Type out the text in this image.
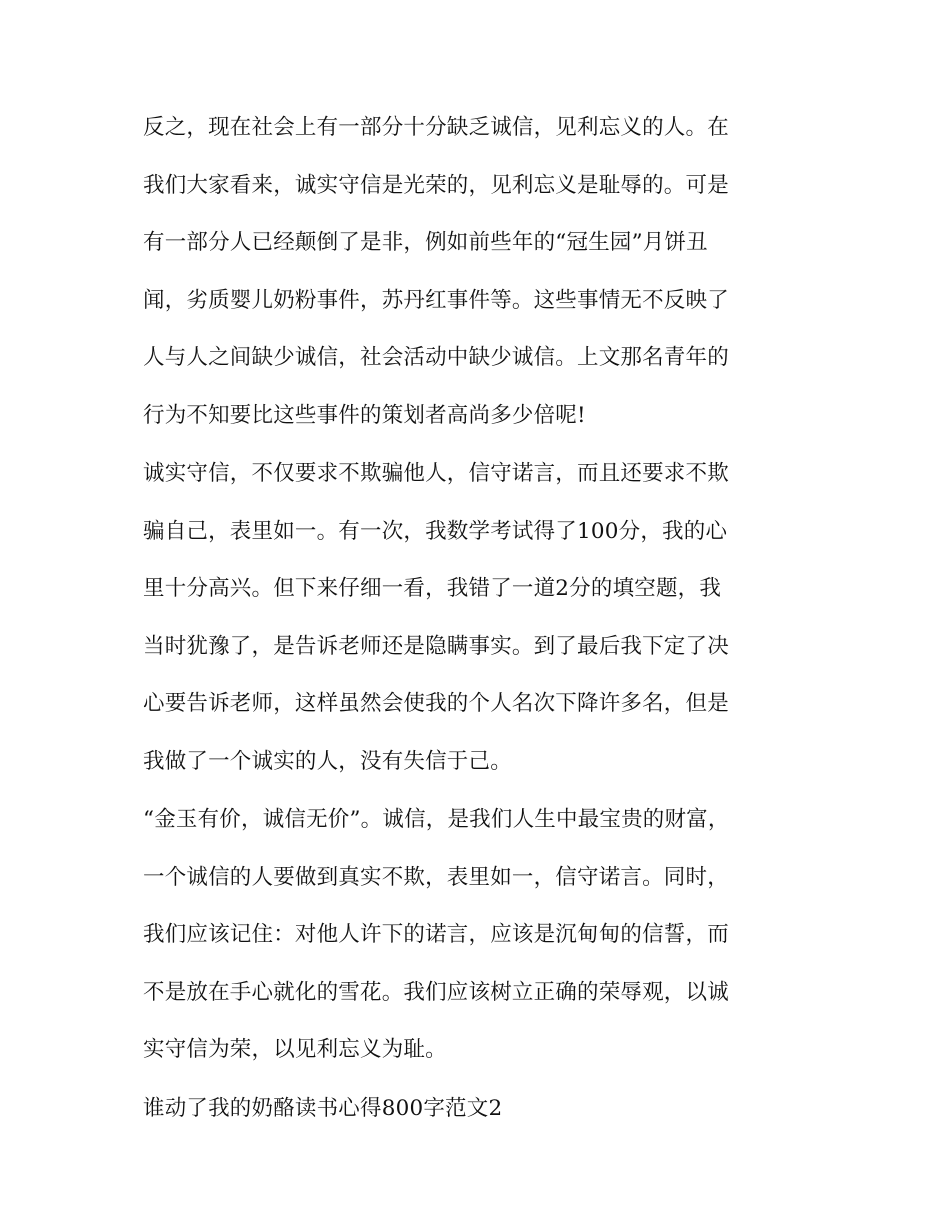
反之，现在社会上有一部分十分缺乏诚信，见利忘义的人。在
我们大家看来，诚实守信是光荣的，见利忘义是耻辱的。可是
有一部分人已经颠倒了是非，例如前些年的“冠生园”月饼丑
闻，劣质婴儿奶粉事件，苏丹红事件等。这些事情无不反映了
人与人之间缺少诚信，社会活动中缺少诚信。上文那名青年的
行为不知要比这些事件的策划者高尚多少倍呢!
诚实守信，不仅要求不欺骗他人，信守诺言，而且还要求不欺
骗自己，表里如一。有一次，我数学考试得了100分，我的心
里十分高兴。但下来仔细一看，我错了一道2分的填空题，我
当时犹豫了，是告诉老师还是隐瞒事实。到了最后我下定了决
心要告诉老师，这样虽然会使我的个人名次下降许多名，但是
我做了一个诚实的人，没有失信于己。
“金玉有价，诚信无价”。诚信，是我们人生中最宝贵的财富，
一个诚信的人要做到真实不欺，表里如一，信守诺言。同时，
我们应该记住：对他人许下的诺言，应该是沉甸甸的信誓，而
不是放在手心就化的雪花。我们应该树立正确的荣辱观，以诚
实守信为荣，以见利忘义为耻。
谁动了我的奶酪读书心得800字范文2
